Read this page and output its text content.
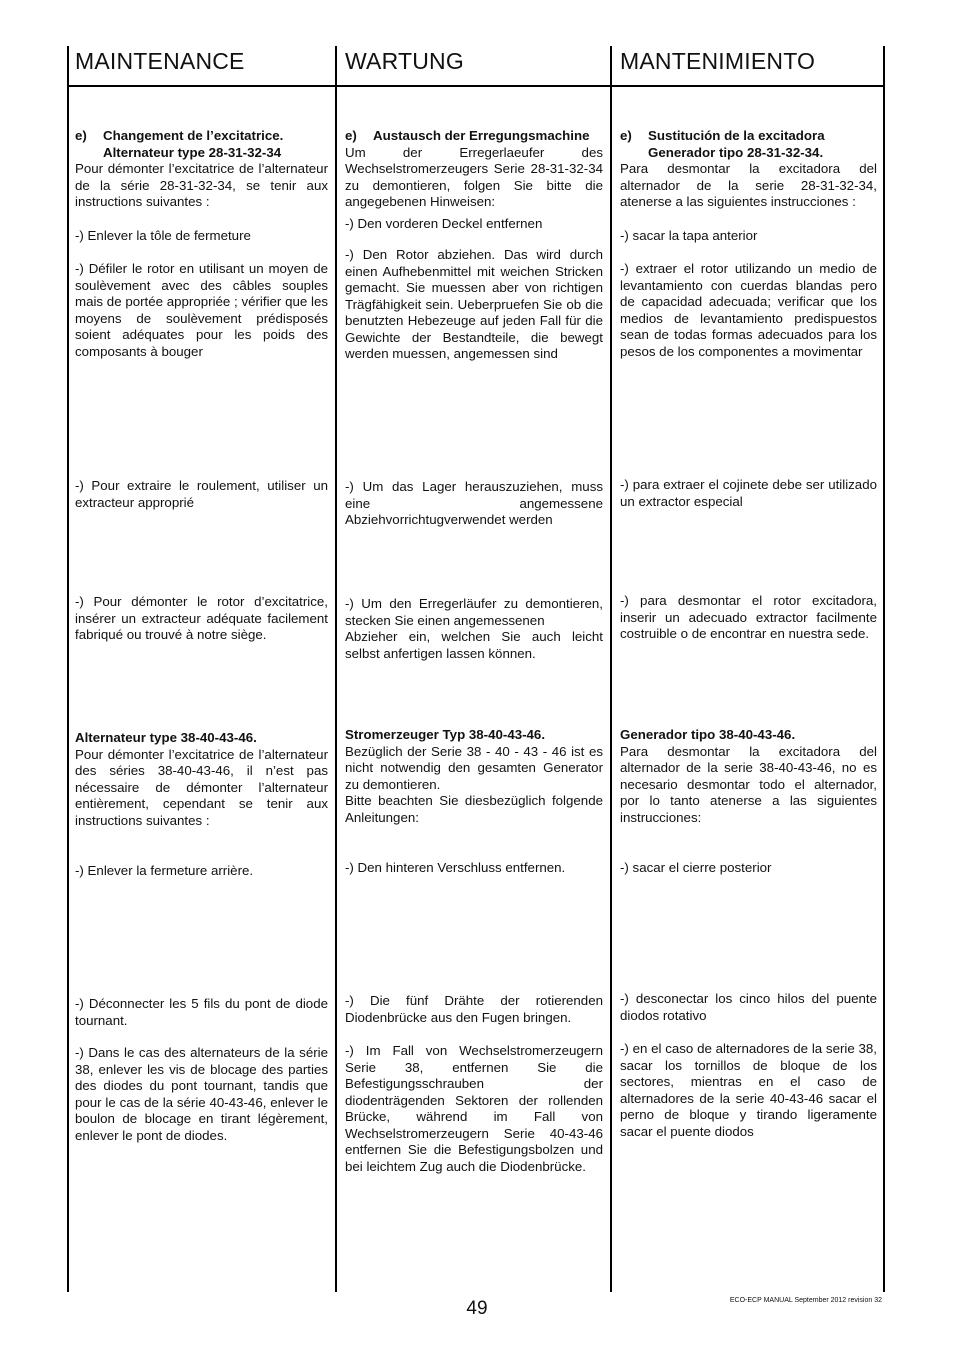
MAINTENANCE	WARTUNG	MANTENIMIENTO
e)	Changement de l’excitatrice.
Alternateur type 28-31-32-34

Pour démonter l’excitatrice de l’alternateur de la série 28-31-32-34, se tenir aux instructions suivantes :

-) Enlever la tôle de fermeture
-) Défiler le rotor en utilisant un moyen de soulèvement avec des câbles souples mais de portée appropriée ; vérifier que les moyens de soulèvement prédisposés soient adéquates pour les poids des composants à bouger
-) Pour extraire le roulement, utiliser un extracteur approprié
-) Pour démonter le rotor d’excitatrice, insérer un extracteur adéquate facilement fabriqué ou trouvé à notre siège.
Alternateur type 38-40-43-46.

Pour démonter l’excitatrice de l’alternateur des séries 38-40-43-46, il n’est pas nécessaire de démonter l’alternateur entièrement, cependant se tenir aux instructions suivantes :

-) Enlever la fermeture arrière.
-) Déconnecter les 5 fils du pont de diode tournant.
-) Dans le cas des alternateurs de la série 38, enlever les vis de blocage des parties des diodes du pont tournant, tandis que pour le cas de la série 40-43-46, enlever le boulon de blocage en tirant légèrement, enlever le pont de diodes.
e)	Austausch der Erregungsmachine

Um der Erregerlaeufer des Wechselstromerzeugers Serie 28-31-32-34 zu demontieren, folgen Sie bitte die angegebenen Hinweisen:

-) Den vorderen Deckel entfernen
-) Den Rotor abziehen. Das wird durch einen Aufhebenmittel mit weichen Stricken gemacht. Sie muessen aber von richtigen Trägfähigkeit sein. Ueberpruefen Sie ob die benutzten Hebezeuge auf jeden Fall für die Gewichte der Bestandteile, die bewegt werden muessen, angemessen sind
-) Um das Lager herauszuziehen, muss eine angemessene Abziehvorrichtugverwendet werden

-) Um den Erregerläufer zu demontieren, stecken Sie einen angemessenen

Abzieher ein, welchen Sie auch leicht selbst anfertigen lassen können.

Stromerzeuger Typ 38-40-43-46.

Bezüglich der Serie 38 - 40 - 43 - 46 ist es nicht notwendig den gesamten Generator zu demontieren.

Bitte beachten Sie diesbezüglich folgende Anleitungen:

-) Den hinteren Verschluss entfernen.
-) Die fünf Drähte der rotierenden Diodenbrücke aus den Fugen bringen.
-) Im Fall von Wechselstromerzeugern Serie 38, entfernen Sie die Befestigungsschrauben der diodenträgenden Sektoren der rollenden Brücke, während im Fall von Wechselstromerzeugern Serie 40-43-46 entfernen Sie die Befestigungsbolzen und bei leichtem Zug auch die Diodenbrücke.
e)	Sustitución de la excitadora
Generador tipo 28-31-32-34.

Para desmontar la excitadora del alternador de la serie 28-31-32-34, atenerse a las siguientes instrucciones :

-) sacar la tapa anterior
-) extraer el rotor utilizando un medio de levantamiento con cuerdas blandas pero de capacidad adecuada; verificar que los medios de levantamiento predispuestos sean de todas formas adecuados para los pesos de los componentes a movimentar
-) para extraer el cojinete debe ser utilizado un extractor especial
-) para desmontar el rotor excitadora, inserir un adecuado extractor facilmente costruible o de encontrar en nuestra sede.
Generador tipo 38-40-43-46.

Para desmontar la excitadora del alternador de la serie 38-40-43-46, no es necesario desmontar todo el alternador, por lo tanto atenerse a las siguientes instrucciones:

-) sacar el cierre posterior
-) desconectar los cinco hilos del puente diodos rotativo
-) en el caso de alternadores de la serie 38, sacar los tornillos de bloque de los sectores, mientras en el caso de alternadores de la serie 40-43-46 sacar el perno de bloque y tirando ligeramente sacar el puente diodos
49	ECO-ECP MANUAL September 2012 revision 32
